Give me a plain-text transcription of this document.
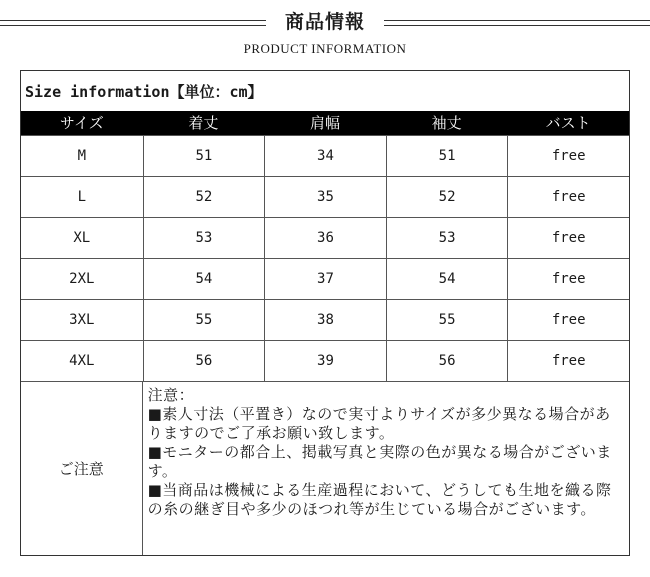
商品情報
PRODUCT INFORMATION
Size information【単位：cm】
サイズ	着丈	肩幅	袖丈	バスト
M	51	34	51	free
L	52	35	52	free
XL	53	36	53	free
2XL	54	37	54	free
3XL	55	38	55	free
4XL	56	39	56	free
ご注意
注意：
■素人寸法（平置き）なので実寸よりサイズが多少異なる場合がありますのでご了承お願い致します。
■モニターの都合上、掲載写真と実際の色が異なる場合がございます。
■当商品は機械による生産過程において、どうしても生地を織る際の糸の継ぎ目や多少のほつれ等が生じている場合がございます。
